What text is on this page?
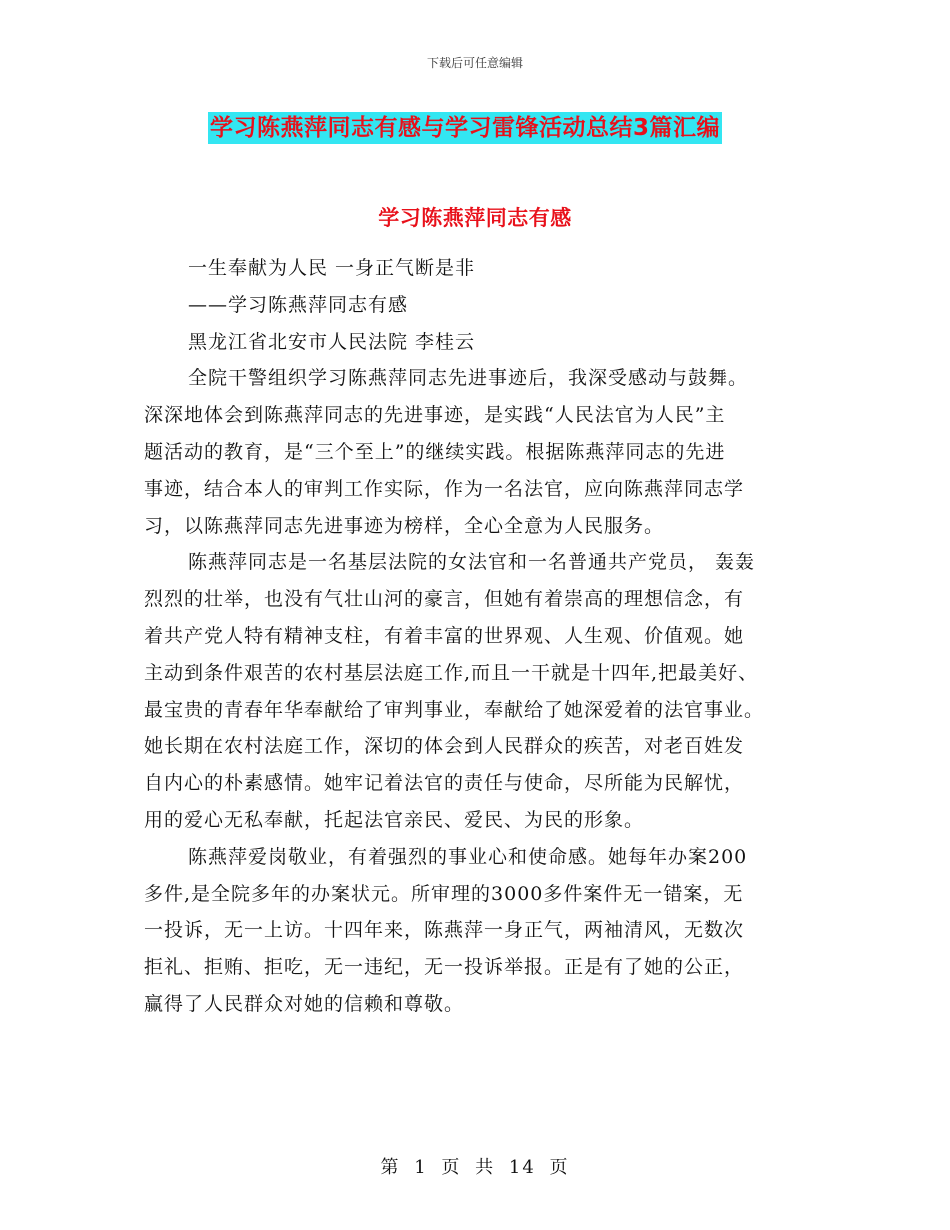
下载后可任意编辑
学习陈燕萍同志有感与学习雷锋活动总结3篇汇编
学习陈燕萍同志有感
一生奉献为人民 一身正气断是非
——学习陈燕萍同志有感
黑龙江省北安市人民法院 李桂云
全院干警组织学习陈燕萍同志先进事迹后，我深受感动与鼓舞。
深深地体会到陈燕萍同志的先进事迹，是实践“人民法官为人民”主
题活动的教育，是“三个至上”的继续实践。根据陈燕萍同志的先进
事迹，结合本人的审判工作实际，作为一名法官，应向陈燕萍同志学
习，以陈燕萍同志先进事迹为榜样，全心全意为人民服务。
陈燕萍同志是一名基层法院的女法官和一名普通共产党员， 轰轰
烈烈的壮举，也没有气壮山河的豪言，但她有着崇高的理想信念，有
着共产党人特有精神支柱，有着丰富的世界观、人生观、价值观。她
主动到条件艰苦的农村基层法庭工作,而且一干就是十四年,把最美好、
最宝贵的青春年华奉献给了审判事业，奉献给了她深爱着的法官事业。
她长期在农村法庭工作，深切的体会到人民群众的疾苦，对老百姓发
自内心的朴素感情。她牢记着法官的责任与使命，尽所能为民解忧，
用的爱心无私奉献，托起法官亲民、爱民、为民的形象。
陈燕萍爱岗敬业，有着强烈的事业心和使命感。她每年办案200
多件,是全院多年的办案状元。所审理的3000多件案件无一错案，无
一投诉，无一上访。十四年来，陈燕萍一身正气，两袖清风，无数次
拒礼、拒贿、拒吃，无一违纪，无一投诉举报。正是有了她的公正，
赢得了人民群众对她的信赖和尊敬。
第 1 页 共 14 页
